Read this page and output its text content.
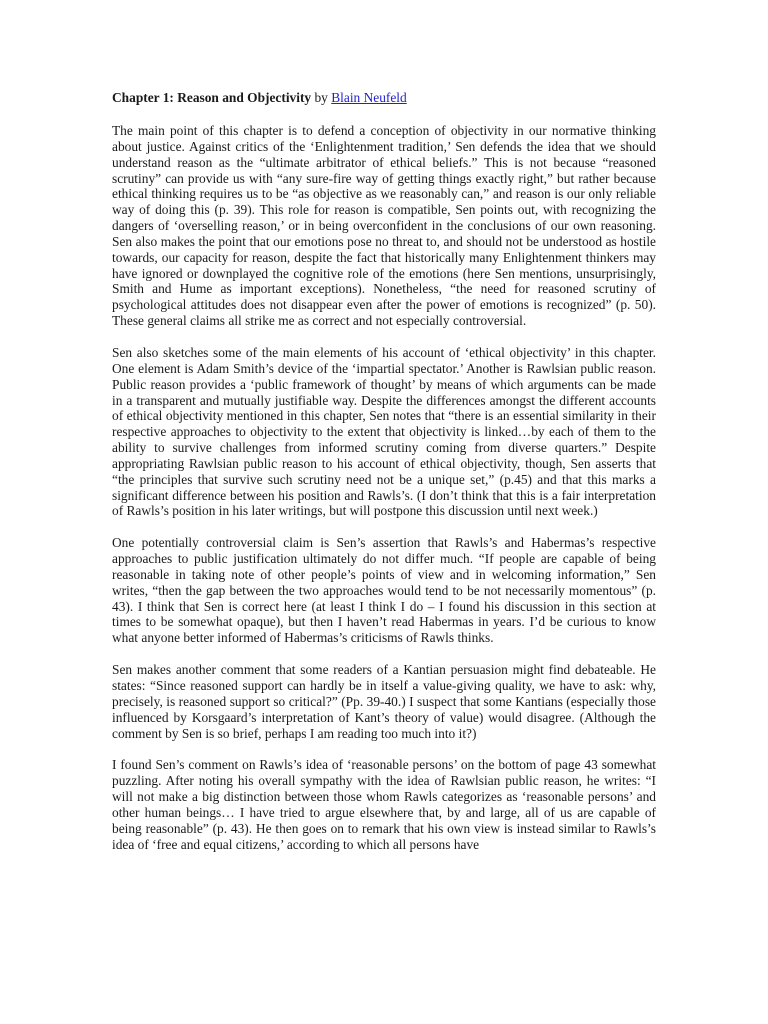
Chapter 1: Reason and Objectivity by Blain Neufeld

The main point of this chapter is to defend a conception of objectivity in our normative thinking about justice. Against critics of the ‘Enlightenment tradition,’ Sen defends the idea that we should understand reason as the “ultimate arbitrator of ethical beliefs.” This is not because “reasoned scrutiny” can provide us with “any sure-fire way of getting things exactly right,” but rather because ethical thinking requires us to be “as objective as we reasonably can,” and reason is our only reliable way of doing this (p. 39). This role for reason is compatible, Sen points out, with recognizing the dangers of ‘overselling reason,’ or in being overconfident in the conclusions of our own reasoning. Sen also makes the point that our emotions pose no threat to, and should not be understood as hostile towards, our capacity for reason, despite the fact that historically many Enlightenment thinkers may have ignored or downplayed the cognitive role of the emotions (here Sen mentions, unsurprisingly, Smith and Hume as important exceptions). Nonetheless, “the need for reasoned scrutiny of psychological attitudes does not disappear even after the power of emotions is recognized” (p. 50). These general claims all strike me as correct and not especially controversial.

Sen also sketches some of the main elements of his account of ‘ethical objectivity’ in this chapter. One element is Adam Smith’s device of the ‘impartial spectator.’ Another is Rawlsian public reason. Public reason provides a ‘public framework of thought’ by means of which arguments can be made in a transparent and mutually justifiable way. Despite the differences amongst the different accounts of ethical objectivity mentioned in this chapter, Sen notes that “there is an essential similarity in their respective approaches to objectivity to the extent that objectivity is linked…by each of them to the ability to survive challenges from informed scrutiny coming from diverse quarters.” Despite appropriating Rawlsian public reason to his account of ethical objectivity, though, Sen asserts that “the principles that survive such scrutiny need not be a unique set,” (p.45) and that this marks a significant difference between his position and Rawls’s. (I don’t think that this is a fair interpretation of Rawls’s position in his later writings, but will postpone this discussion until next week.)

One potentially controversial claim is Sen’s assertion that Rawls’s and Habermas’s respective approaches to public justification ultimately do not differ much. “If people are capable of being reasonable in taking note of other people’s points of view and in welcoming information,” Sen writes, “then the gap between the two approaches would tend to be not necessarily momentous” (p. 43). I think that Sen is correct here (at least I think I do – I found his discussion in this section at times to be somewhat opaque), but then I haven’t read Habermas in years. I’d be curious to know what anyone better informed of Habermas’s criticisms of Rawls thinks.

Sen makes another comment that some readers of a Kantian persuasion might find debateable. He states: “Since reasoned support can hardly be in itself a value-giving quality, we have to ask: why, precisely, is reasoned support so critical?” (Pp. 39-40.) I suspect that some Kantians (especially those influenced by Korsgaard’s interpretation of Kant’s theory of value) would disagree. (Although the comment by Sen is so brief, perhaps I am reading too much into it?)

I found Sen’s comment on Rawls’s idea of ‘reasonable persons’ on the bottom of page 43 somewhat puzzling. After noting his overall sympathy with the idea of Rawlsian public reason, he writes: “I will not make a big distinction between those whom Rawls categorizes as ‘reasonable persons’ and other human beings… I have tried to argue elsewhere that, by and large, all of us are capable of being reasonable” (p. 43). He then goes on to remark that his own view is instead similar to Rawls’s idea of ‘free and equal citizens,’ according to which all persons have
